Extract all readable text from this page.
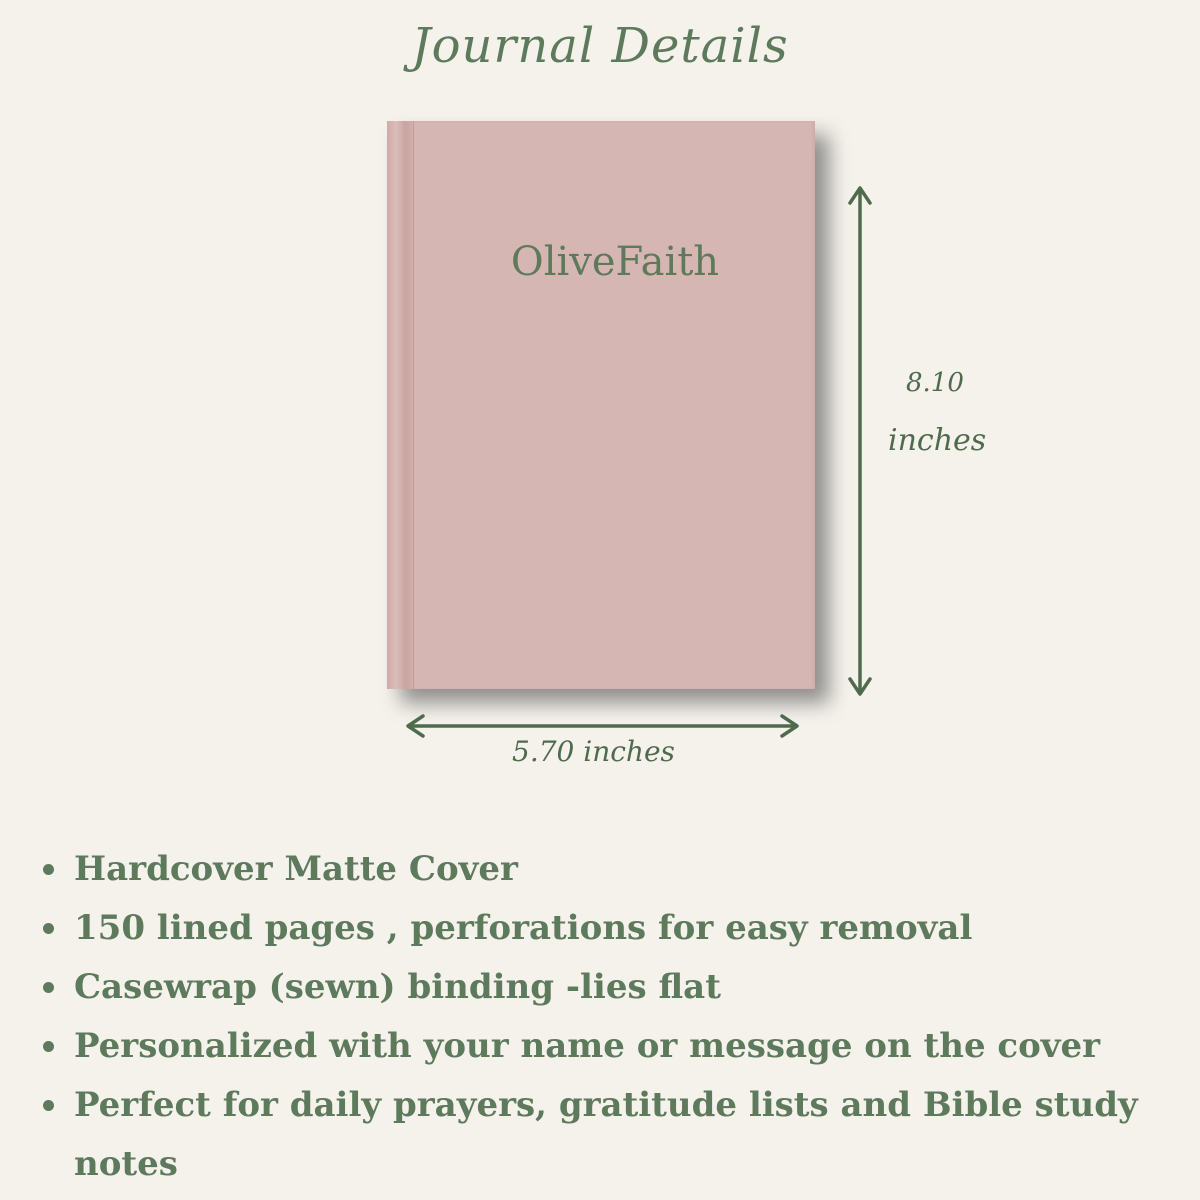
Journal Details
OliveFaith
8.10
inches
5.70 inches
Hardcover Matte Cover
150 lined pages , perforations for easy removal
Casewrap (sewn) binding -lies flat
Personalized with your name or message on the cover
Perfect for daily prayers, gratitude lists and Bible study notes
